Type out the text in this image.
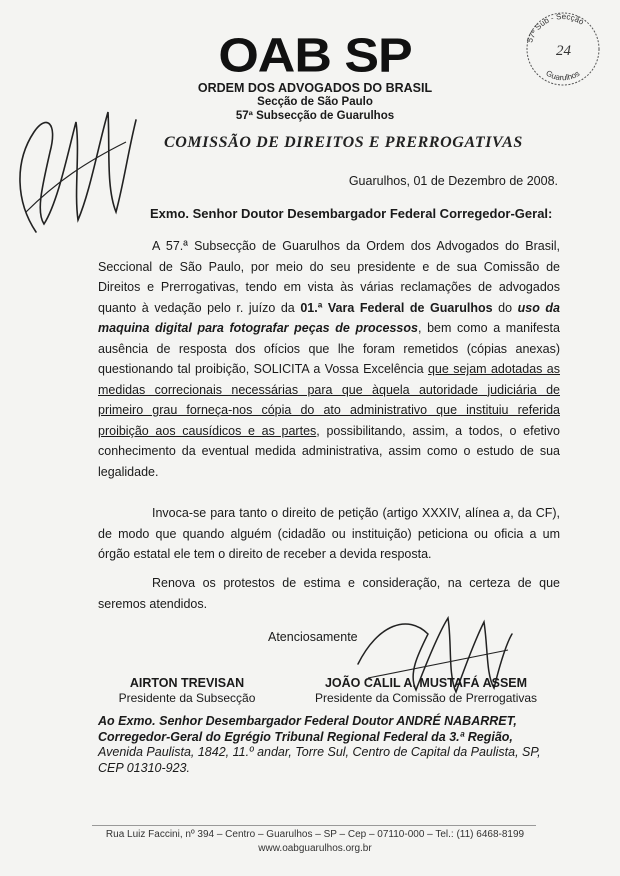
OAB SP
ORDEM DOS ADVOGADOS DO BRASIL
Secção de São Paulo
57ª Subsecção de Guarulhos
COMISSÃO DE DIREITOS E PRERROGATIVAS
57ª Sub - Secção
Guarulhos
24
Guarulhos, 01 de Dezembro de 2008.
Exmo. Senhor Doutor Desembargador Federal Corregedor-Geral:

A 57.ª Subsecção de Guarulhos da Ordem dos Advogados do Brasil, Seccional de São Paulo, por meio do seu presidente e de sua Comissão de Direitos e Prerrogativas, tendo em vista às várias reclamações de advogados quanto à vedação pelo r. juízo da 01.ª Vara Federal de Guarulhos do uso da maquina digital para fotografar peças de processos, bem como a manifesta ausência de resposta dos ofícios que lhe foram remetidos (cópias anexas) questionando tal proibição, SOLICITA a Vossa Excelência que sejam adotadas as medidas correcionais necessárias para que àquela autoridade judiciária de primeiro grau forneça-nos cópia do ato administrativo que instituiu referida proibição aos causídicos e as partes, possibilitando, assim, a todos, o efetivo conhecimento da eventual medida administrativa, assim como o estudo de sua legalidade.

Invoca-se para tanto o direito de petição (artigo XXXIV, alínea a, da CF), de modo que quando alguém (cidadão ou instituição) peticiona ou oficia a um órgão estatal ele tem o direito de receber a devida resposta.

Renova os protestos de estima e consideração, na certeza de que seremos atendidos.

Atenciosamente
AIRTON TREVISAN
Presidente da Subsecção
JOÃO CALIL A. MUSTAFÁ ASSEM
Presidente da Comissão de Prerrogativas
Ao Exmo. Senhor Desembargador Federal Doutor ANDRÉ NABARRET,
Corregedor-Geral do Egrégio Tribunal Regional Federal da 3.ª Região,
Avenida Paulista, 1842, 11.º andar, Torre Sul, Centro de Capital da Paulista, SP,
CEP 01310-923.
Rua Luiz Faccini, nº 394 – Centro – Guarulhos – SP – Cep – 07110-000 – Tel.: (11) 6468-8199
www.oabguarulhos.org.br
